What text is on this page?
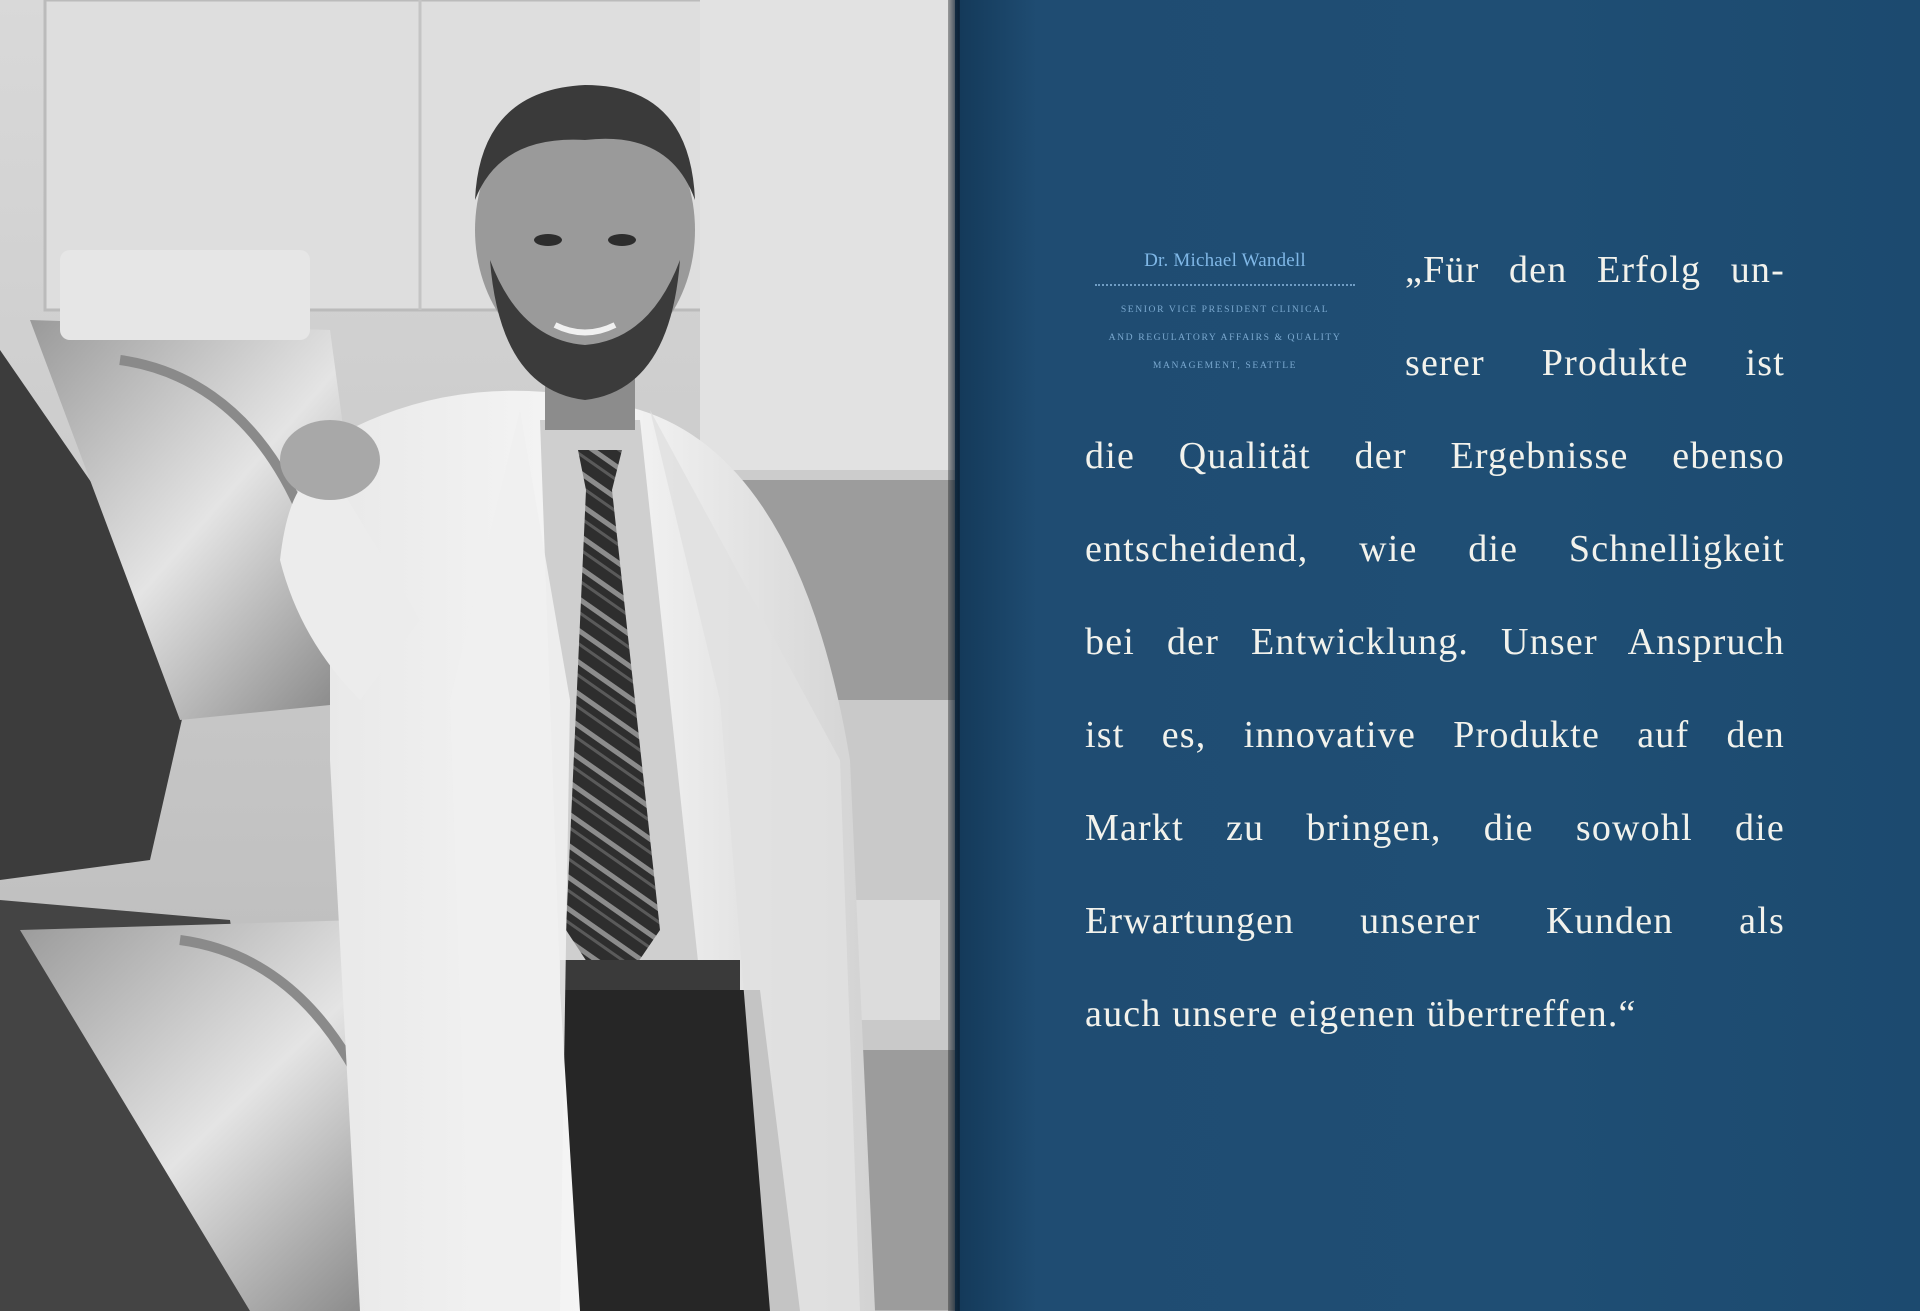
Dr. Michael Wandell
SENIOR VICE PRESIDENT CLINICAL
AND REGULATORY AFFAIRS & QUALITY
MANAGEMENT, SEATTLE
„Für den Erfolg un-
serer Produkte ist
die Qualität der Ergebnisse ebenso
entscheidend, wie die Schnelligkeit
bei der Entwicklung. Unser Anspruch
ist es, innovative Produkte auf den
Markt zu bringen, die sowohl die
Erwartungen unserer Kunden als
auch unsere eigenen übertreffen.“
